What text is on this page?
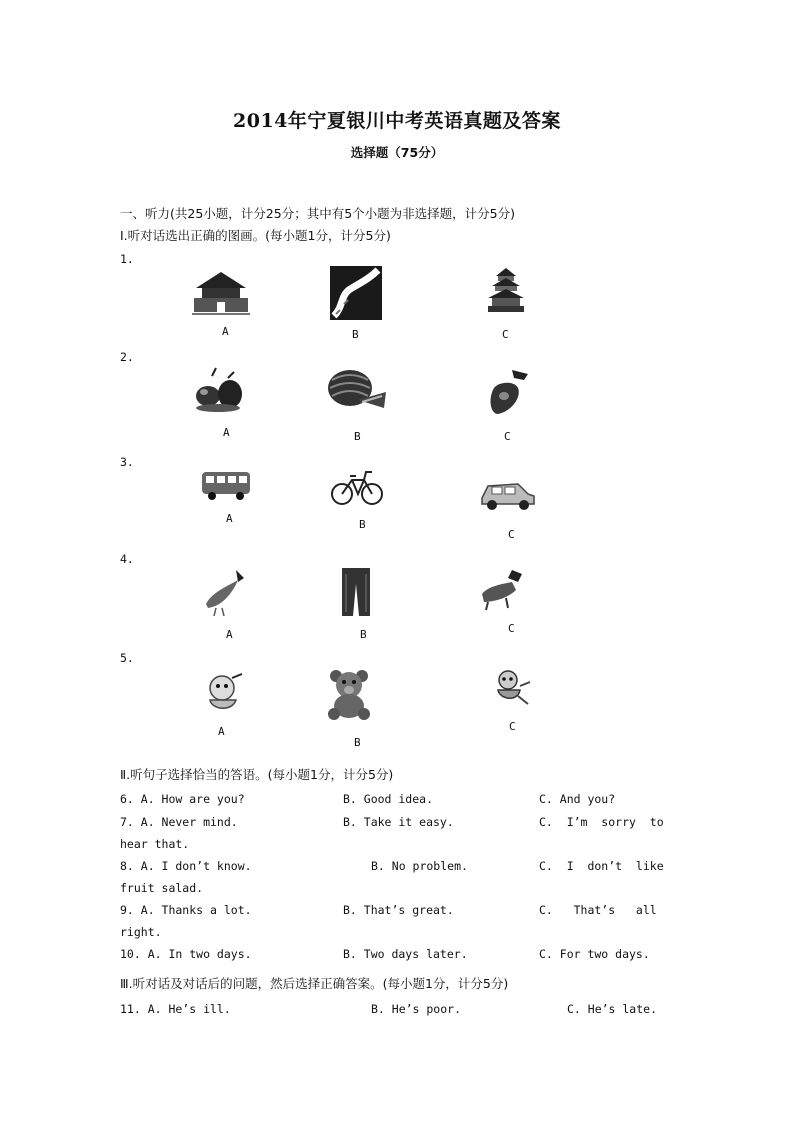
2014年宁夏银川中考英语真题及答案
选择题（75分）
一、听力(共25小题，计分25分；其中有5个小题为非选择题，计分5分)
Ⅰ.听对话选出正确的图画。(每小题1分，计分5分)
1.
A	B	C
2.
A	B	C
3.
A	B
C
4.
A	B	C
5.
A
B
C
Ⅱ.听句子选择恰当的答语。(每小题1分，计分5分)
6. A. How are you?	B. Good idea.	C. And you?
7. A. Never mind.	B. Take it easy.	C.  I’m  sorry  to
hear that.
8. A. I don’t know.	B. No problem.	C.  I  don’t  like
fruit salad.
9. A. Thanks a lot.	B. That’s great.	C.   That’s   all
right.
10. A. In two days.	B. Two days later.	C. For two days.
Ⅲ.听对话及对话后的问题，然后选择正确答案。(每小题1分，计分5分)
11. A. He’s ill.	B. He’s poor.	C. He’s late.
